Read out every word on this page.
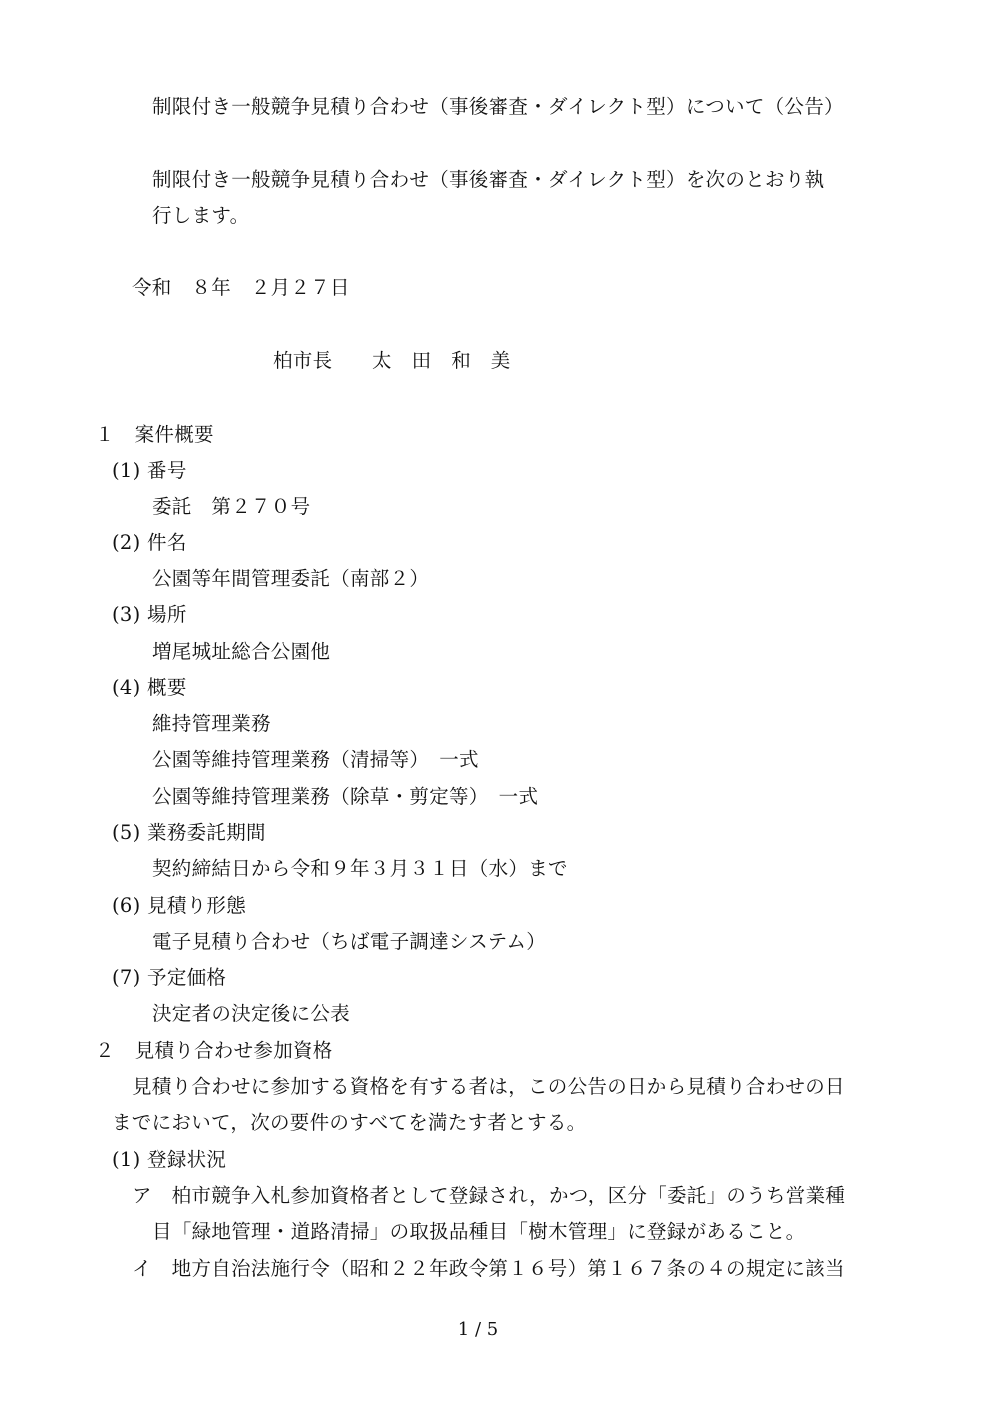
制限付き一般競争見積り合わせ（事後審査・ダイレクト型）について（公告）
制限付き一般競争見積り合わせ（事後審査・ダイレクト型）を次のとおり執
行します。
令和　８年　２月２７日
柏市長　　太　田　和　美
１　案件概要
(1) 番号
委託　第２７０号
(2) 件名
公園等年間管理委託（南部２）
(3) 場所
増尾城址総合公園他
(4) 概要
維持管理業務
公園等維持管理業務（清掃等）　一式
公園等維持管理業務（除草・剪定等）　一式
(5) 業務委託期間
契約締結日から令和９年３月３１日（水）まで
(6) 見積り形態
電子見積り合わせ（ちば電子調達システム）
(7) 予定価格
決定者の決定後に公表
２　見積り合わせ参加資格
見積り合わせに参加する資格を有する者は，この公告の日から見積り合わせの日
までにおいて，次の要件のすべてを満たす者とする。
(1) 登録状況
ア　柏市競争入札参加資格者として登録され，かつ，区分「委託」のうち営業種
目「緑地管理・道路清掃」の取扱品種目「樹木管理」に登録があること。
イ　地方自治法施行令（昭和２２年政令第１６号）第１６７条の４の規定に該当
1 / 5
